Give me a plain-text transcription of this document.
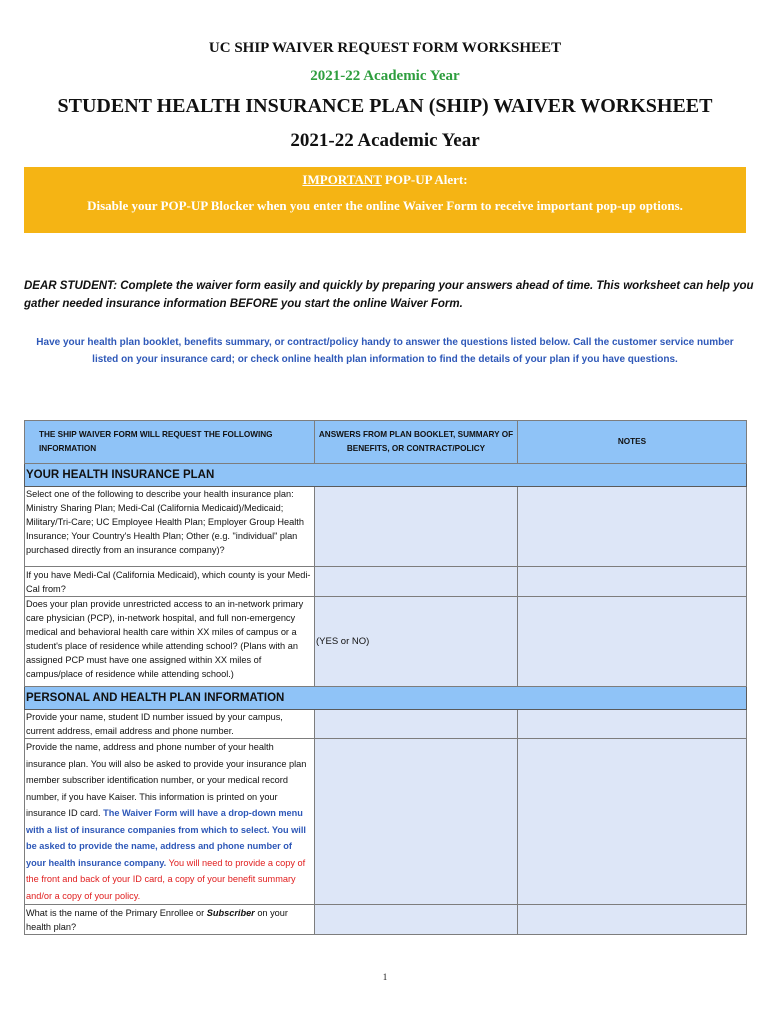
UC SHIP WAIVER REQUEST FORM WORKSHEET
2021-22 Academic Year
STUDENT HEALTH INSURANCE PLAN (SHIP) WAIVER WORKSHEET
2021-22 Academic Year
IMPORTANT POP-UP Alert:
Disable your POP-UP Blocker when you enter the online Waiver Form to receive important pop-up options.
DEAR STUDENT: Complete the waiver form easily and quickly by preparing your answers ahead of time. This worksheet can help you gather needed insurance information BEFORE you start the online Waiver Form.
Have your health plan booklet, benefits summary, or contract/policy handy to answer the questions listed below. Call the customer service number listed on your insurance card; or check online health plan information to find the details of your plan if you have questions.
THE SHIP WAIVER FORM WILL REQUEST THE FOLLOWING INFORMATION	ANSWERS FROM PLAN BOOKLET, SUMMARY OF BENEFITS, OR CONTRACT/POLICY	NOTES
YOUR HEALTH INSURANCE PLAN		
Select one of the following to describe your health insurance plan: Ministry Sharing Plan; Medi-Cal (California Medicaid)/Medicaid; Military/Tri-Care; UC Employee Health Plan; Employer Group Health Insurance; Your Country's Health Plan; Other (e.g. "individual" plan purchased directly from an insurance company)?		
If you have Medi-Cal (California Medicaid), which county is your Medi-Cal from?		
Does your plan provide unrestricted access to an in-network primary care physician (PCP), in-network hospital, and full non-emergency medical and behavioral health care within XX miles of campus or a student's place of residence while attending school? (Plans with an assigned PCP must have one assigned within XX miles of campus/place of residence while attending school.)	(YES or NO)	
PERSONAL AND HEALTH PLAN INFORMATION		
Provide your name, student ID number issued by your campus, current address, email address and phone number.		
Provide the name, address and phone number of your health insurance plan. You will also be asked to provide your insurance plan member subscriber identification number, or your medical record number, if you have Kaiser. This information is printed on your insurance ID card. The Waiver Form will have a drop-down menu with a list of insurance companies from which to select. You will be asked to provide the name, address and phone number of your health insurance company. You will need to provide a copy of the front and back of your ID card, a copy of your benefit summary and/or a copy of your policy.		
What is the name of the Primary Enrollee or Subscriber on your health plan?		
1
